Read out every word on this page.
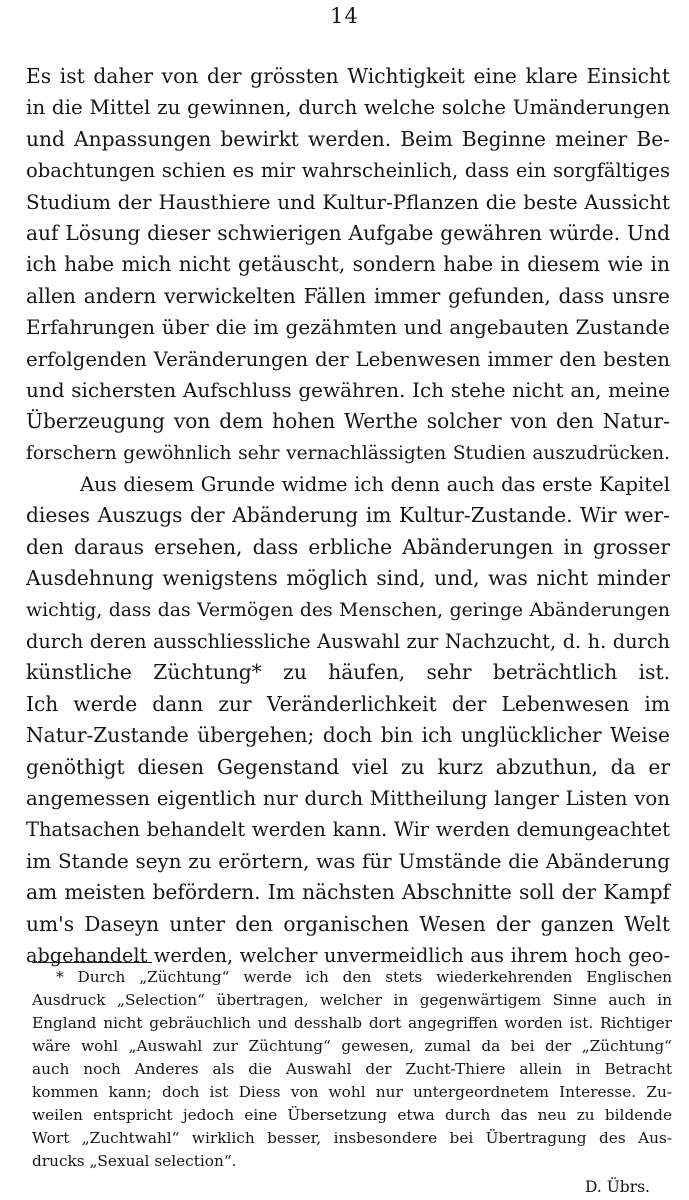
14
Es ist daher von der grössten Wichtigkeit eine klare Einsicht
in die Mittel zu gewinnen, durch welche solche Umänderungen
und Anpassungen bewirkt werden. Beim Beginne meiner Be-
obachtungen schien es mir wahrscheinlich, dass ein sorgfältiges
Studium der Hausthiere und Kultur-Pflanzen die beste Aussicht
auf Lösung dieser schwierigen Aufgabe gewähren würde. Und
ich habe mich nicht getäuscht, sondern habe in diesem wie in
allen andern verwickelten Fällen immer gefunden, dass unsre
Erfahrungen über die im gezähmten und angebauten Zustande
erfolgenden Veränderungen der Lebenwesen immer den besten
und sichersten Aufschluss gewähren. Ich stehe nicht an, meine
Überzeugung von dem hohen Werthe solcher von den Natur-
forschern gewöhnlich sehr vernachlässigten Studien auszudrücken.
Aus diesem Grunde widme ich denn auch das erste Kapitel
dieses Auszugs der Abänderung im Kultur-Zustande. Wir wer-
den daraus ersehen, dass erbliche Abänderungen in grosser
Ausdehnung wenigstens möglich sind, und, was nicht minder
wichtig, dass das Vermögen des Menschen, geringe Abänderungen
durch deren ausschliessliche Auswahl zur Nachzucht, d. h. durch
künstliche Züchtung* zu häufen, sehr beträchtlich ist.
Ich werde dann zur Veränderlichkeit der Lebenwesen im
Natur-Zustande übergehen; doch bin ich unglücklicher Weise
genöthigt diesen Gegenstand viel zu kurz abzuthun, da er
angemessen eigentlich nur durch Mittheilung langer Listen von
Thatsachen behandelt werden kann. Wir werden demungeachtet
im Stande seyn zu erörtern, was für Umstände die Abänderung
am meisten befördern. Im nächsten Abschnitte soll der Kampf
um's Daseyn unter den organischen Wesen der ganzen Welt
abgehandelt werden, welcher unvermeidlich aus ihrem hoch geo-
* Durch „Züchtung“ werde ich den stets wiederkehrenden Englischen
Ausdruck „Selection“ übertragen, welcher in gegenwärtigem Sinne auch in
England nicht gebräuchlich und desshalb dort angegriffen worden ist. Richtiger
wäre wohl „Auswahl zur Züchtung“ gewesen, zumal da bei der „Züchtung“
auch noch Anderes als die Auswahl der Zucht-Thiere allein in Betracht
kommen kann; doch ist Diess von wohl nur untergeordnetem Interesse. Zu-
weilen entspricht jedoch eine Übersetzung etwa durch das neu zu bildende
Wort „Zuchtwahl“ wirklich besser, insbesondere bei Übertragung des Aus-
drucks „Sexual selection“.
D. Übrs.
